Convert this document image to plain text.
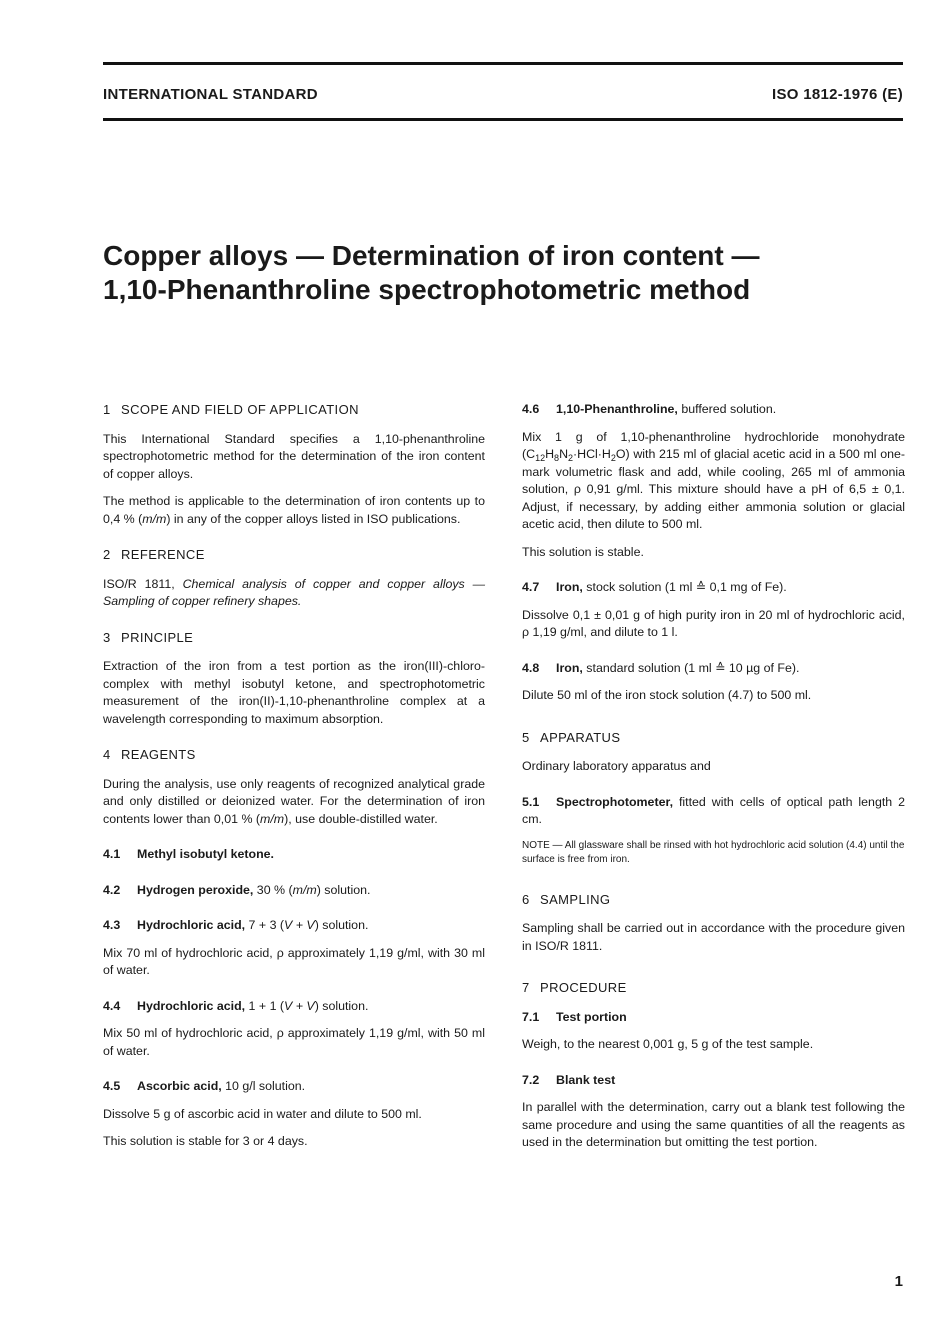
INTERNATIONAL STANDARD	ISO 1812-1976 (E)
Copper alloys — Determination of iron content —
1,10-Phenanthroline spectrophotometric method
1 SCOPE AND FIELD OF APPLICATION
This International Standard specifies a 1,10-phenanthroline spectrophotometric method for the determination of the iron content of copper alloys.
The method is applicable to the determination of iron contents up to 0,4 % (m/m) in any of the copper alloys listed in ISO publications.
2 REFERENCE
ISO/R 1811, Chemical analysis of copper and copper alloys — Sampling of copper refinery shapes.
3 PRINCIPLE
Extraction of the iron from a test portion as the iron(III)-chloro-complex with methyl isobutyl ketone, and spectrophotometric measurement of the iron(II)-1,10-phenanthroline complex at a wavelength corresponding to maximum absorption.
4 REAGENTS
During the analysis, use only reagents of recognized analytical grade and only distilled or deionized water. For the determination of iron contents lower than 0,01 % (m/m), use double-distilled water.
4.1 Methyl isobutyl ketone.
4.2 Hydrogen peroxide, 30 % (m/m) solution.
4.3 Hydrochloric acid, 7 + 3 (V + V) solution.
Mix 70 ml of hydrochloric acid, ρ approximately 1,19 g/ml, with 30 ml of water.
4.4 Hydrochloric acid, 1 + 1 (V + V) solution.
Mix 50 ml of hydrochloric acid, ρ approximately 1,19 g/ml, with 50 ml of water.
4.5 Ascorbic acid, 10 g/l solution.
Dissolve 5 g of ascorbic acid in water and dilute to 500 ml.
This solution is stable for 3 or 4 days.
4.6 1,10-Phenanthroline, buffered solution.
Mix 1 g of 1,10-phenanthroline hydrochloride monohydrate $(C_{12}H_8N_2\cdot HCl\cdot H_2O)$ with 215 ml of glacial acetic acid in a 500 ml one-mark volumetric flask and add, while cooling, 265 ml of ammonia solution, ρ 0,91 g/ml. This mixture should have a pH of 6,5 ± 0,1. Adjust, if necessary, by adding either ammonia solution or glacial acetic acid, then dilute to 500 ml.
This solution is stable.
4.7 Iron, stock solution (1 ml ≙ 0,1 mg of Fe).
Dissolve 0,1 ± 0,01 g of high purity iron in 20 ml of hydrochloric acid, ρ 1,19 g/ml, and dilute to 1 l.
4.8 Iron, standard solution (1 ml ≙ 10 µg of Fe).
Dilute 50 ml of the iron stock solution (4.7) to 500 ml.
5 APPARATUS
Ordinary laboratory apparatus and
5.1 Spectrophotometer, fitted with cells of optical path length 2 cm.
NOTE — All glassware shall be rinsed with hot hydrochloric acid solution (4.4) until the surface is free from iron.
6 SAMPLING
Sampling shall be carried out in accordance with the procedure given in ISO/R 1811.
7 PROCEDURE
7.1 Test portion
Weigh, to the nearest 0,001 g, 5 g of the test sample.
7.2 Blank test
In parallel with the determination, carry out a blank test following the same procedure and using the same quantities of all the reagents as used in the determination but omitting the test portion.
1
